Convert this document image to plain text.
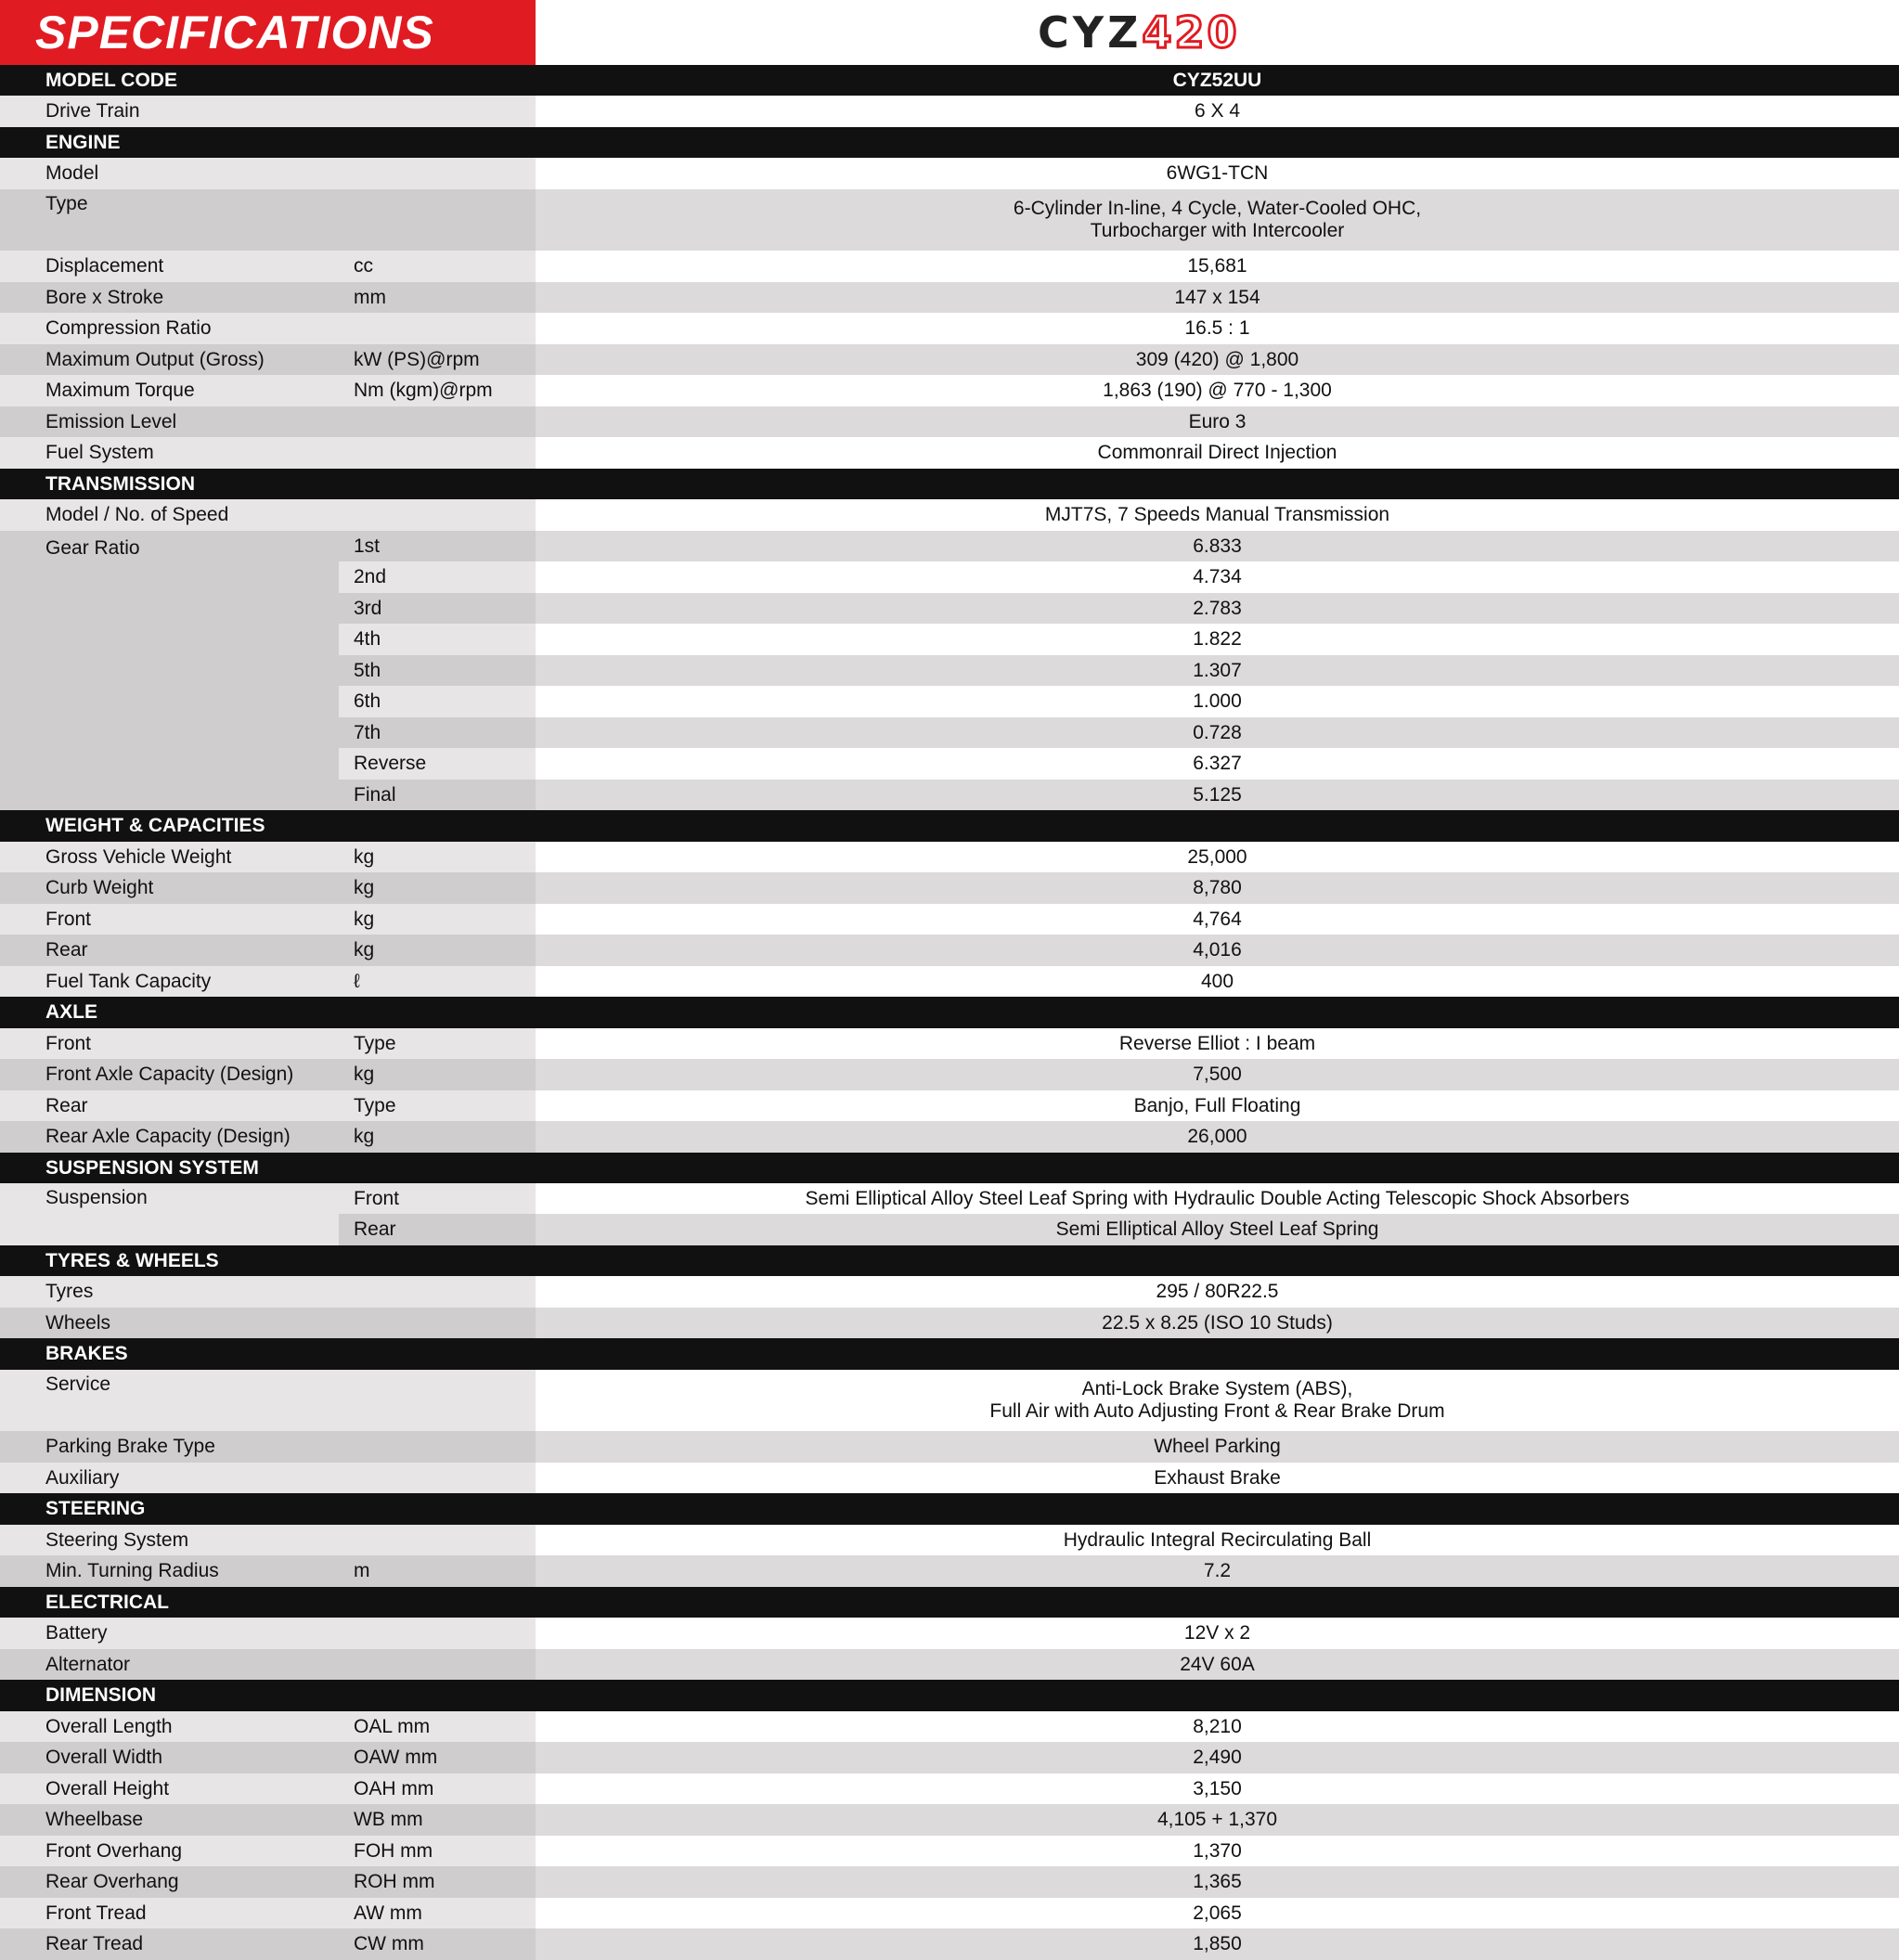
SPECIFICATIONS	CYZ420
MODEL CODE	CYZ52UU
Drive Train	6 X 4
ENGINE
Model	6WG1-TCN
Type	6-Cylinder In-line, 4 Cycle, Water-Cooled OHC,
Turbocharger with Intercooler
Displacement	cc	15,681
Bore x Stroke	mm	147 x 154
Compression Ratio	16.5 : 1
Maximum Output (Gross)	kW (PS)@rpm	309 (420) @ 1,800
Maximum Torque	Nm (kgm)@rpm	1,863 (190) @ 770 - 1,300
Emission Level	Euro 3
Fuel System	Commonrail Direct Injection
TRANSMISSION
Model / No. of Speed	MJT7S, 7 Speeds Manual Transmission
Gear Ratio	1st	6.833
2nd	4.734
3rd	2.783
4th	1.822
5th	1.307
6th	1.000
7th	0.728
Reverse	6.327
Final	5.125
WEIGHT & CAPACITIES
Gross Vehicle Weight	kg	25,000
Curb Weight	kg	8,780
Front	kg	4,764
Rear	kg	4,016
Fuel Tank Capacity	ℓ	400
AXLE
Front	Type	Reverse Elliot : I beam
Front Axle Capacity (Design)	kg	7,500
Rear	Type	Banjo, Full Floating
Rear Axle Capacity (Design)	kg	26,000
SUSPENSION SYSTEM
Suspension	Front	Semi Elliptical Alloy Steel Leaf Spring with Hydraulic Double Acting Telescopic Shock Absorbers
Rear	Semi Elliptical Alloy Steel Leaf Spring
TYRES & WHEELS
Tyres	295 / 80R22.5
Wheels	22.5 x 8.25 (ISO 10 Studs)
BRAKES
Service	Anti-Lock Brake System (ABS),
Full Air with Auto Adjusting Front & Rear Brake Drum
Parking Brake Type	Wheel Parking
Auxiliary	Exhaust Brake
STEERING
Steering System	Hydraulic Integral Recirculating Ball
Min. Turning Radius	m	7.2
ELECTRICAL
Battery	12V x 2
Alternator	24V 60A
DIMENSION
Overall Length	OAL mm	8,210
Overall Width	OAW mm	2,490
Overall Height	OAH mm	3,150
Wheelbase	WB mm	4,105 + 1,370
Front Overhang	FOH mm	1,370
Rear Overhang	ROH mm	1,365
Front Tread	AW mm	2,065
Rear Tread	CW mm	1,850
